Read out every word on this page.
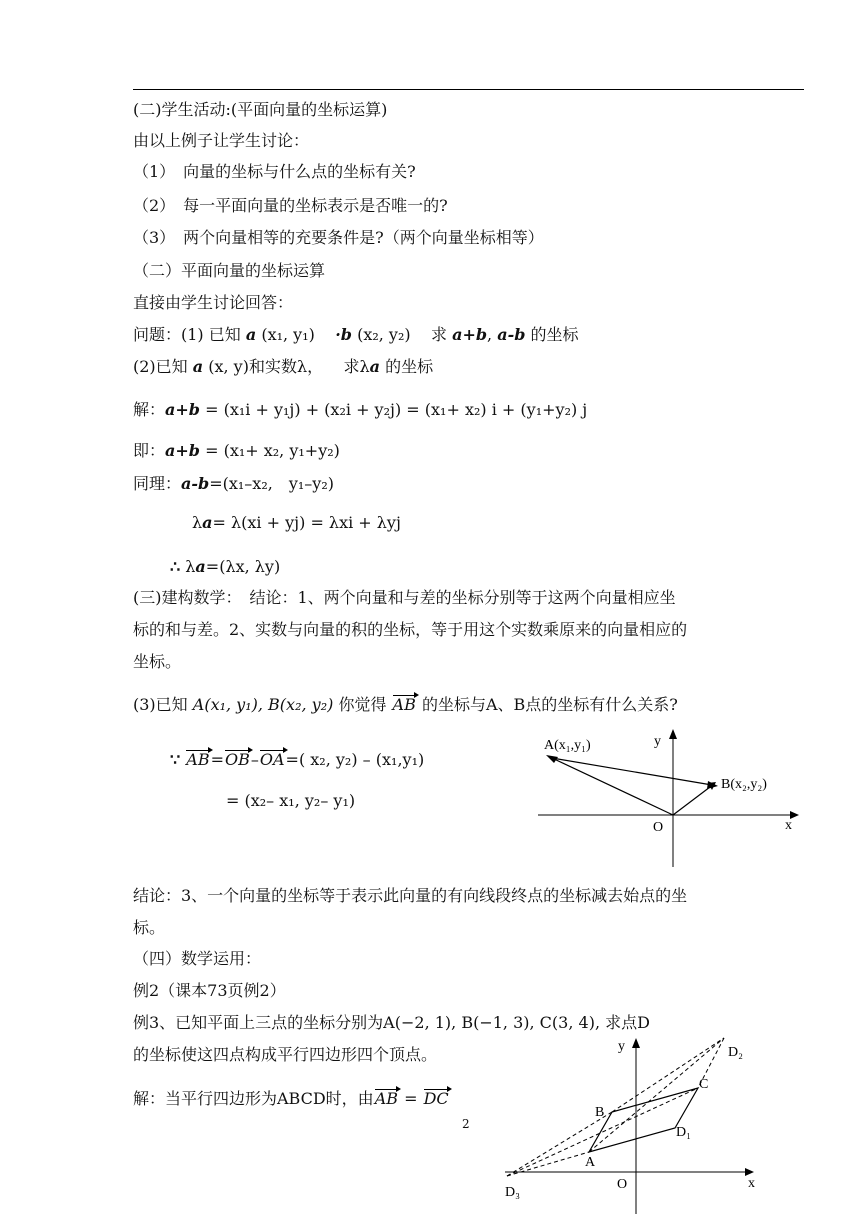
(二)学生活动:(平面向量的坐标运算)
由以上例子让学生讨论：
（1）　向量的坐标与什么点的坐标有关?
（2）　每一平面向量的坐标表示是否唯一的?
（3）　两个向量相等的充要条件是?（两个向量坐标相等）
（二）平面向量的坐标运算
直接由学生讨论回答：
问题：(1) 已知 a (x₁, y₁) ·b (x₂, y₂) 求 a+b, a-b 的坐标
(2)已知 a (x, y)和实数λ， 求λa 的坐标
解：a+b = (x₁i + y₁j) + (x₂i + y₂j) = (x₁+ x₂) i + (y₁+y₂) j
即：a+b = (x₁+ x₂, y₁+y₂)
同理：a-b=(x₁–x₂,　y₁–y₂)
λa= λ(xi + yj) = λxi + λyj
∴ λa=(λx, λy)
(三)建构数学：　结论：1、两个向量和与差的坐标分别等于这两个向量相应坐
标的和与差。2、实数与向量的积的坐标，等于用这个实数乘原来的向量相应的
坐标。
(3)已知 A(x₁, y₁), B(x₂, y₂) 你觉得 AB 的坐标与A、B点的坐标有什么关系?
∵ AB=OB–OA=( x₂, y₂) – (x₁,y₁)
= (x₂– x₁, y₂– y₁)
A(x₁,y₁)
B(x₂,y₂)
O	x
y
结论：3、一个向量的坐标等于表示此向量的有向线段终点的坐标减去始点的坐
标。
（四）数学运用：
例2（课本73页例2）
例3、已知平面上三点的坐标分别为A(−2, 1), B(−1, 3), C(3, 4), 求点D
的坐标使这四点构成平行四边形四个顶点。
解：当平行四边形为ABCD时，由AB = DC
A
B
C
D₁
D₂
D₃
O	x
y
2
